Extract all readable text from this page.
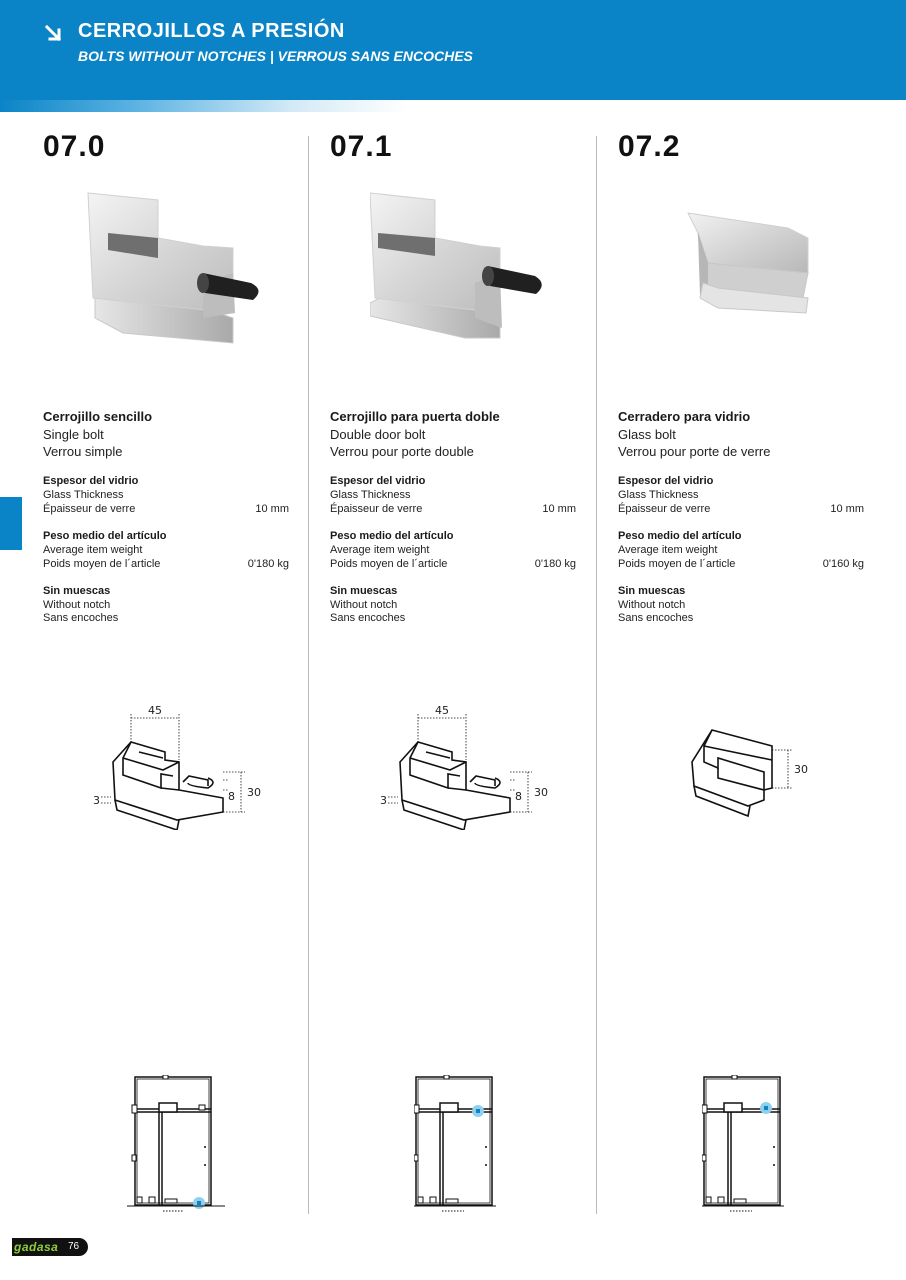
CERROJILLOS A PRESIÓN
BOLTS WITHOUT NOTCHES | VERROUS SANS ENCOCHES
07.0
Cerrojillo sencillo
Single bolt
Verrou simple
Espesor del vidrio
Glass Thickness
Épaisseur de verre	10 mm
Peso medio del artículo
Average item weight
Poids moyen de l´article	0'180 kg
Sin muescas
Without notch
Sans encoches
45
30
8
3
07.1
Cerrojillo para puerta doble
Double door bolt
Verrou pour porte double
Espesor del vidrio
Glass Thickness
Épaisseur de verre	10 mm
Peso medio del artículo
Average item weight
Poids moyen de l´article	0'180 kg
Sin muescas
Without notch
Sans encoches
45
30
8
3
07.2
Cerradero para vidrio
Glass bolt
Verrou pour porte de verre
Espesor del vidrio
Glass Thickness
Épaisseur de verre	10 mm
Peso medio del artículo
Average item weight
Poids moyen de l´article	0'160 kg
Sin muescas
Without notch
Sans encoches
30
gadasa 76
